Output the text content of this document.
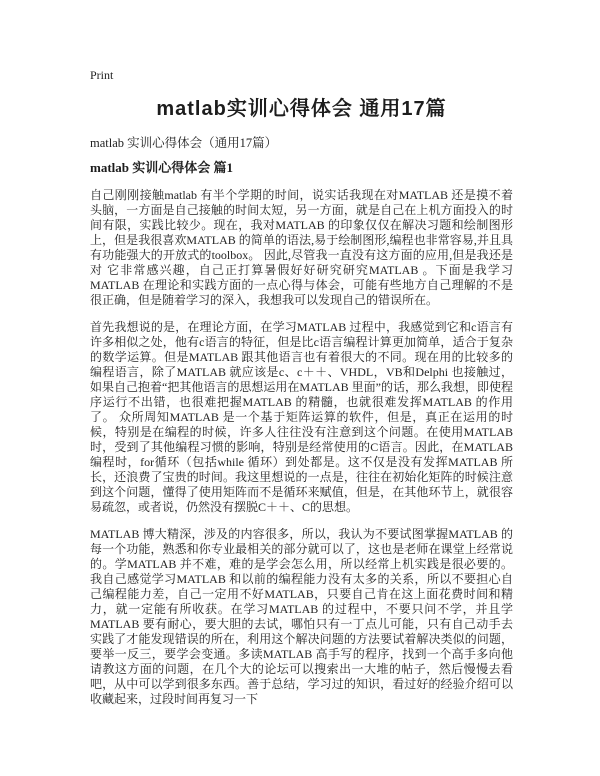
Print
matlab实训心得体会 通用17篇
matlab 实训心得体会（通用17篇）
matlab 实训心得体会 篇1

自己刚刚接触matlab 有半个学期的时间，说实话我现在对MATLAB 还是摸不着头脑，一方面是自己接触的时间太短，另一方面，就是自己在上机方面投入的时间有限，实践比较少。现在，我对MATLAB 的印象仅仅在解决习题和绘制图形上，但是我很喜欢MATLAB 的简单的语法,易于绘制图形,编程也非常容易,并且具有功能强大的开放式的toolbox。 因此,尽管我一直没有这方面的应用,但是我还是对 它非常感兴趣，自己正打算暑假好好研究研究MATLAB 。下面是我学习MATLAB 在理论和实践方面的一点心得与体会，可能有些地方自己理解的不是很正确，但是随着学习的深入，我想我可以发现自己的错误所在。

首先我想说的是，在理论方面，在学习MATLAB 过程中，我感觉到它和c语言有许多相似之处，他有c语言的特征，但是比c语言编程计算更加简单，适合于复杂的数学运算。但是MATLAB 跟其他语言也有着很大的不同。现在用的比较多的编程语言，除了MATLAB 就应该是c、c＋＋、VHDL，VB和Delphi 也接触过，如果自己抱着“把其他语言的思想运用在MATLAB 里面”的话，那么我想，即使程序运行不出错，也很难把握MATLAB 的精髓，也就很难发挥MATLAB 的作用了。 众所周知MATLAB 是一个基于矩阵运算的软件，但是，真正在运用的时候，特别是在编程的时候，许多人往往没有注意到这个问题。在使用MATLAB 时，受到了其他编程习惯的影响，特别是经常使用的C语言。因此，在MATLAB 编程时，for循环（包括while 循环）到处都是。这不仅是没有发挥MATLAB 所长，还浪费了宝贵的时间。我这里想说的一点是，往往在初始化矩阵的时候注意到这个问题，懂得了使用矩阵而不是循环来赋值，但是，在其他环节上，就很容易疏忽，或者说，仍然没有摆脱C＋＋、C的思想。

MATLAB 博大精深，涉及的内容很多，所以，我认为不要试图掌握MATLAB 的每一个功能，熟悉和你专业最相关的部分就可以了，这也是老师在课堂上经常说的。学MATLAB 并不难，难的是学会怎么用，所以经常上机实践是很必要的。我自己感觉学习MATLAB 和以前的编程能力没有太多的关系，所以不要担心自己编程能力差，自己一定用不好MATLAB，只要自己肯在这上面花费时间和精力，就一定能有所收获。在学习MATLAB 的过程中，不要只问不学，并且学MATLAB 要有耐心，要大胆的去试，哪怕只有一丁点儿可能，只有自己动手去实践了才能发现错误的所在，利用这个解决问题的方法要试着解决类似的问题，要举一反三，要学会变通。多读MATLAB 高手写的程序，找到一个高手多向他请教这方面的问题，在几个大的论坛可以搜索出一大堆的帖子，然后慢慢去看吧，从中可以学到很多东西。善于总结，学习过的知识，看过好的经验介绍可以收藏起来，过段时间再复习一下
